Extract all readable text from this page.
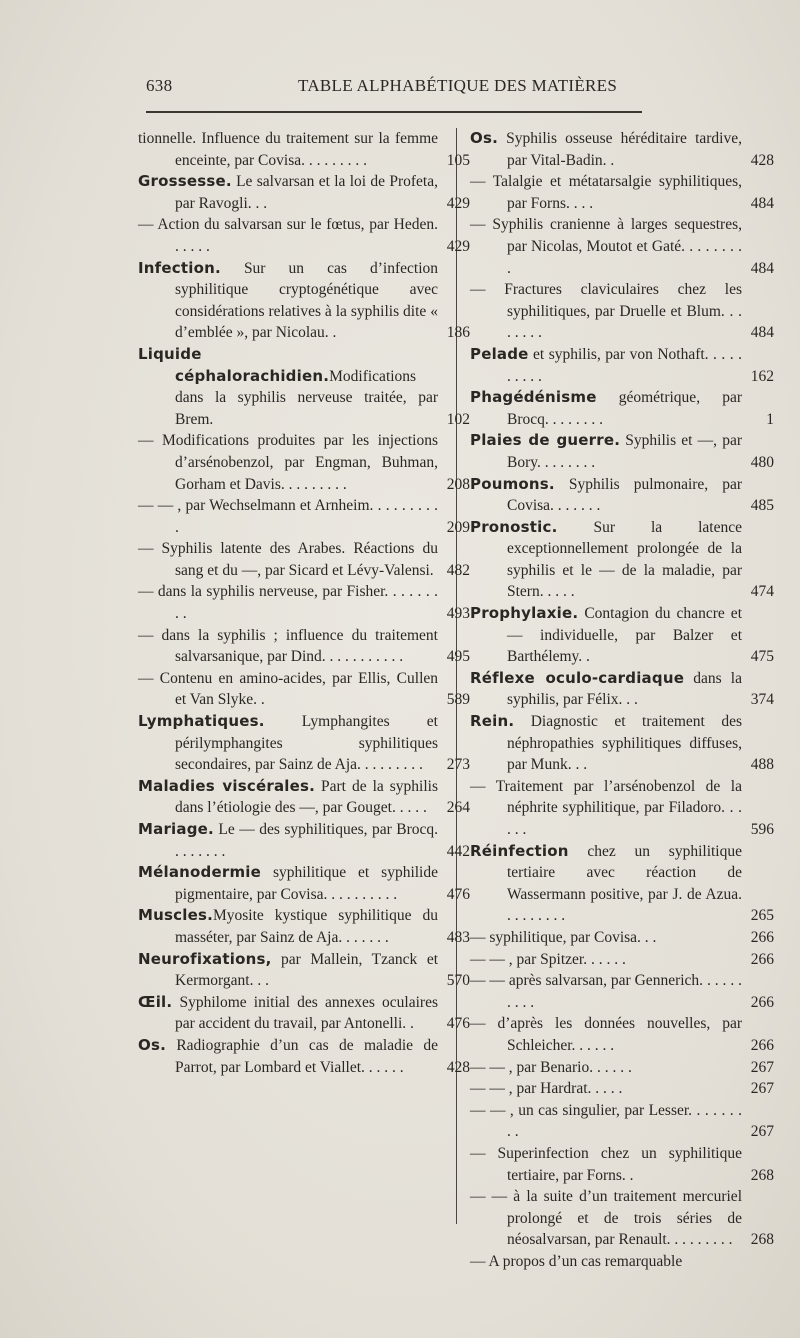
638	TABLE ALPHABÉTIQUE DES MATIÈRES
tionnelle. Influence du traitement sur la femme enceinte, par Covisa. . . . . . . . .	105
Grossesse. Le salvarsan et la loi de Profeta, par Ravogli. . .	429
— Action du salvarsan sur le fœtus, par Heden. . . . . .	429
Infection. Sur un cas d’infection syphilitique cryptogénétique avec considérations relatives à la syphilis dite « d’emblée », par Nicolau. .	186
Liquide céphalorachidien.Modifications dans la syphilis nerveuse traitée, par Brem.	102
— Modifications produites par les injections d’arsénobenzol, par Engman, Buhman, Gorham et Davis. . . . . . . . .	208
— — , par Wechselmann et Arnheim. . . . . . . . . .	209
— Syphilis latente des Arabes. Réactions du sang et du —, par Sicard et Lévy-Valensi. 482
— dans la syphilis nerveuse, par Fisher. . . . . . . . .	493
— dans la syphilis ; influence du traitement salvarsanique, par Dind. . . . . . . . . . .	495
— Contenu en amino-acides, par Ellis, Cullen et Van Slyke. .	589
Lymphatiques. Lymphangites et périlymphangites syphilitiques secondaires, par Sainz de Aja. . . . . . . . . 273
Maladies viscérales. Part de la syphilis dans l’étiologie des —, par Gouget. . . . . 264
Mariage. Le — des syphilitiques, par Brocq. . . . . . . .	442
Mélanodermie syphilitique et syphilide pigmentaire, par Covisa. . . . . . . . . .	476
Muscles.Myosite kystique syphilitique du masséter, par Sainz de Aja. . . . . . .	483
Neurofixations, par Mallein, Tzanck et Kermorgant. . .	570
Œil. Syphilome initial des annexes oculaires par accident du travail, par Antonelli. . 476
Os. Radiographie d’un cas de maladie de Parrot, par Lombard et Viallet. . . . . .	428
Os. Syphilis osseuse héréditaire tardive, par Vital-Badin. .	428
— Talalgie et métatarsalgie syphilitiques, par Forns. . . .	484
— Syphilis cranienne à larges sequestres, par Nicolas, Moutot et Gaté. . . . . . . . .	484
— Fractures claviculaires chez les syphilitiques, par Druelle et Blum. . . . . . . .	484
Pelade et syphilis, par von Nothaft. . . . . . . . . .	162
Phagédénisme géométrique, par Brocq. . . . . . . .	1
Plaies de guerre. Syphilis et —, par Bory. . . . . . . .	480
Poumons. Syphilis pulmonaire, par Covisa. . . . . . .	485
Pronostic. Sur la latence exceptionnellement prolongée de la syphilis et le — de la maladie, par Stern. . . . .	474
Prophylaxie. Contagion du chancre et — individuelle, par Balzer et Barthélemy. .	475
Réflexe oculo-cardiaque dans la syphilis, par Félix. . .	374
Rein. Diagnostic et traitement des néphropathies syphilitiques diffuses, par Munk. . .	488
— Traitement par l’arsénobenzol de la néphrite syphilitique, par Filadoro. . . . . .	596
Réinfection chez un syphilitique tertiaire avec réaction de Wassermann positive, par J. de Azua. . . . . . . . .	265
— syphilitique, par Covisa. . .	266
— — , par Spitzer. . . . . .	266
— — après salvarsan, par Gennerich. . . . . . . . . .	266
— d’après les données nouvelles, par Schleicher. . . . . .	266
— — , par Benario. . . . . .	267
— — , par Hardrat. . . . .	267
— — , un cas singulier, par Lesser. . . . . . . . .	267
— Superinfection chez un syphilitique tertiaire, par Forns. .	268
— — à la suite d’un traitement mercuriel prolongé et de trois séries de néosalvarsan, par Renault. . . . . . . . . 268
— A propos d’un cas remarquable
